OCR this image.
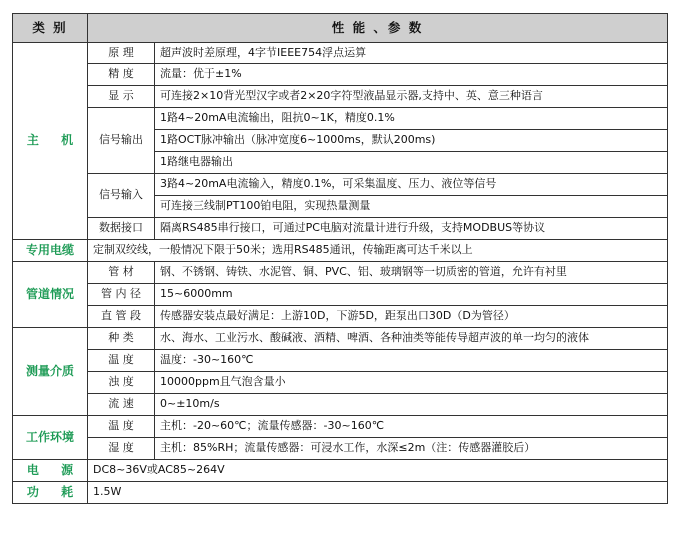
类 别	性 能 、参 数	
主 机	原 理	超声波时差原理，4字节IEEE754浮点运算
	精 度	流量：优于±1%
	显 示	可连接2×10背光型汉字或者2×20字符型液晶显示器,支持中、英、意三种语言
	信号输出	1路4~20mA电流输出，阻抗0~1K，精度0.1%
		1路OCT脉冲输出（脉冲宽度6~1000ms，默认200ms)
		1路继电器输出
	信号输入	3路4~20mA电流输入，精度0.1%，可采集温度、压力、液位等信号
		可连接三线制PT100铂电阻，实现热量测量
	数据接口	隔离RS485串行接口，可通过PC电脑对流量计进行升级，支持MODBUS等协议
专用电缆	定制双绞线，一般情况下限于50米；选用RS485通讯，传输距离可达千米以上	
管道情况	管 材	钢、不锈钢、铸铁、水泥管、铜、PVC、铝、玻璃钢等一切质密的管道，允许有衬里
	管 内 径	15~6000mm
	直 管 段	传感器安装点最好满足：上游10D，下游5D，距泵出口30D（D为管径）
测量介质	种 类	水、海水、工业污水、酸碱液、酒精、啤酒、各种油类等能传导超声波的单一均匀的液体
	温 度	温度：-30~160℃
	浊 度	10000ppm且气泡含量小
	流 速	0~±10m/s
工作环境	温 度	主机：-20~60℃；流量传感器：-30~160℃
	湿 度	主机：85%RH；流量传感器：可浸水工作，水深≤2m（注：传感器灌胶后）
电 源	DC8~36V或AC85~264V	
功 耗	1.5W	
